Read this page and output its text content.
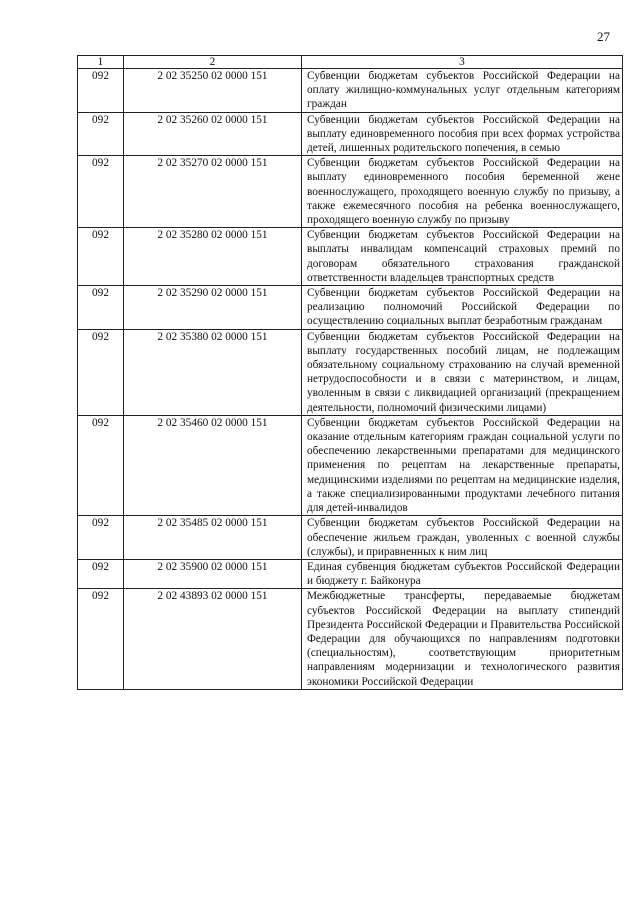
27
1	2	3
092	2 02 35250 02 0000 151	Субвенции бюджетам субъектов Российской Федерации на оплату жилищно-коммунальных услуг отдельным категориям граждан
092	2 02 35260 02 0000 151	Субвенции бюджетам субъектов Российской Федерации на выплату единовременного пособия при всех формах устройства детей, лишенных родительского попечения, в семью
092	2 02 35270 02 0000 151	Субвенции бюджетам субъектов Российской Федерации на выплату единовременного пособия беременной жене военнослужащего, проходящего военную службу по призыву, а также ежемесячного пособия на ребенка военнослужащего, проходящего военную службу по призыву
092	2 02 35280 02 0000 151	Субвенции бюджетам субъектов Российской Федерации на выплаты инвалидам компенсаций страховых премий по договорам обязательного страхования гражданской ответственности владельцев транспортных средств
092	2 02 35290 02 0000 151	Субвенции бюджетам субъектов Российской Федерации на реализацию полномочий Российской Федерации по осуществлению социальных выплат безработным гражданам
092	2 02 35380 02 0000 151	Субвенции бюджетам субъектов Российской Федерации на выплату государственных пособий лицам, не подлежащим обязательному социальному страхованию на случай временной нетрудоспособности и в связи с материнством, и лицам, уволенным в связи с ликвидацией организаций (прекращением деятельности, полномочий физическими лицами)
092	2 02 35460 02 0000 151	Субвенции бюджетам субъектов Российской Федерации на оказание отдельным категориям граждан социальной услуги по обеспечению лекарственными препаратами для медицинского применения по рецептам на лекарственные препараты, медицинскими изделиями по рецептам на медицинские изделия, а также специализированными продуктами лечебного питания для детей-инвалидов
092	2 02 35485 02 0000 151	Субвенции бюджетам субъектов Российской Федерации на обеспечение жильем граждан, уволенных с военной службы (службы), и приравненных к ним лиц
092	2 02 35900 02 0000 151	Единая субвенция бюджетам субъектов Российской Федерации и бюджету г. Байконура
092	2 02 43893 02 0000 151	Межбюджетные трансферты, передаваемые бюджетам субъектов Российской Федерации на выплату стипендий Президента Российской Федерации и Правительства Российской Федерации для обучающихся по направлениям подготовки (специальностям), соответствующим приоритетным направлениям модернизации и технологического развития экономики Российской Федерации
